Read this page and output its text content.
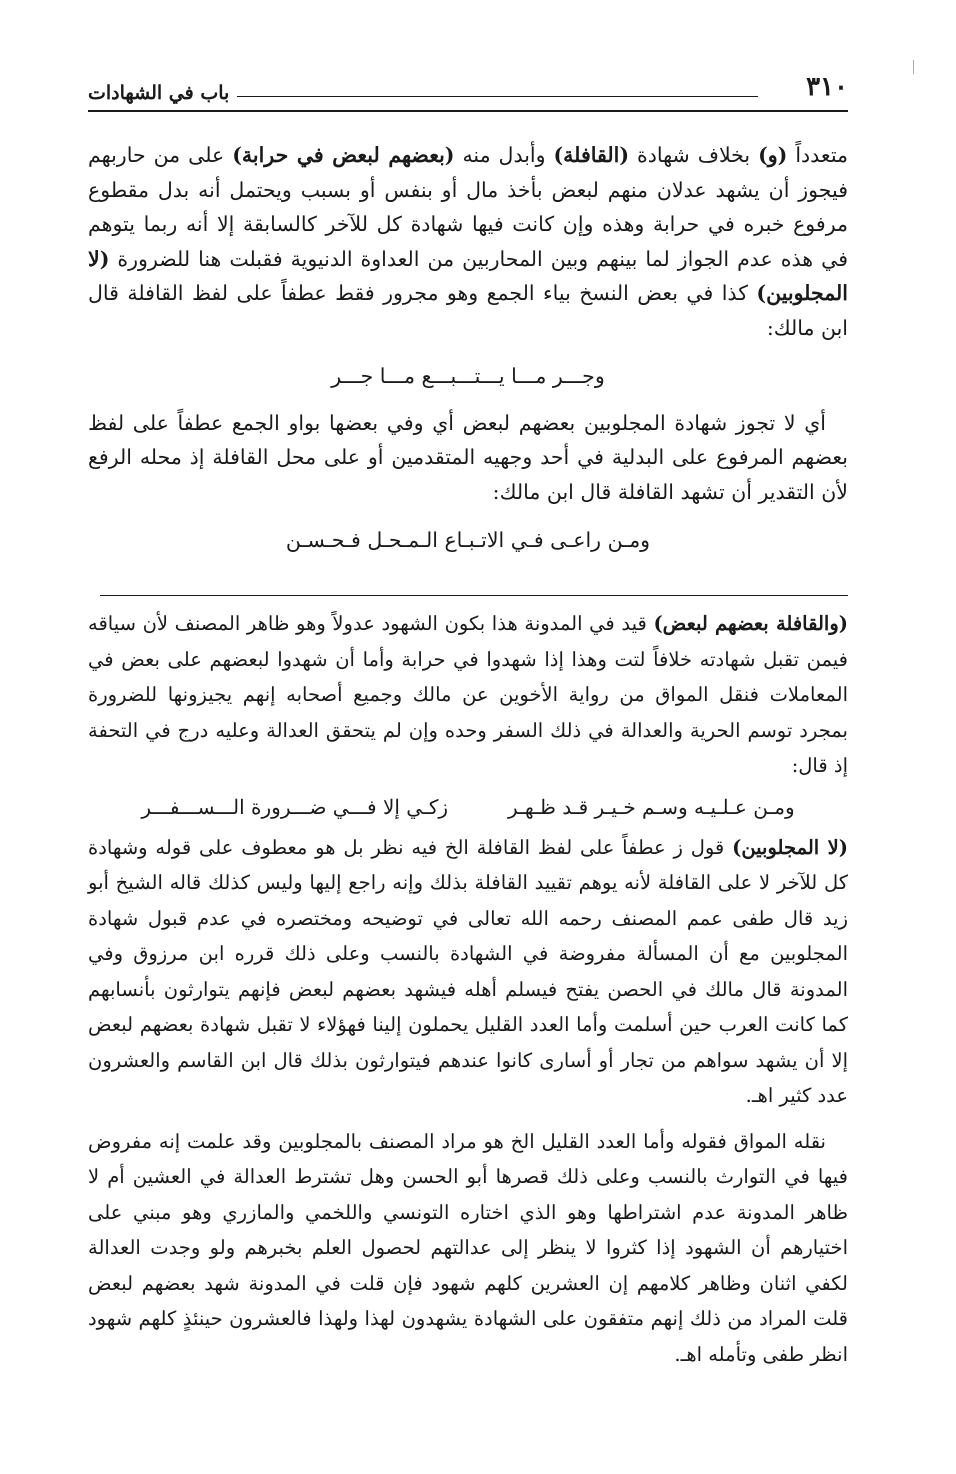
٣١٠
باب في الشهادات

متعدداً (و) بخلاف شهادة (القافلة) وأبدل منه (بعضهم لبعض في حرابة) على من حاربهم فيجوز أن يشهد عدلان منهم لبعض بأخذ مال أو بنفس أو بسبب ويحتمل أنه بدل مقطوع مرفوع خبره في حرابة وهذه وإن كانت فيها شهادة كل للآخر كالسابقة إلا أنه ربما يتوهم في هذه عدم الجواز لما بينهم وبين المحاربين من العداوة الدنيوية فقبلت هنا للضرورة (لا المجلوبين) كذا في بعض النسخ بياء الجمع وهو مجرور فقط عطفاً على لفظ القافلة قال ابن مالك:

وجـــر مـــا يـــتـــبـــع مـــا جـــر

أي لا تجوز شهادة المجلوبين بعضهم لبعض أي وفي بعضها بواو الجمع عطفاً على لفظ بعضهم المرفوع على البدلية في أحد وجهيه المتقدمين أو على محل القافلة إذ محله الرفع لأن التقدير أن تشهد القافلة قال ابن مالك:

ومـن راعـى فـي الاتـبـاع الـمـحـل فـحـسـن

(والقافلة بعضهم لبعض) قيد في المدونة هذا بكون الشهود عدولاً وهو ظاهر المصنف لأن سياقه فيمن تقبل شهادته خلافاً لتت وهذا إذا شهدوا في حرابة وأما أن شهدوا لبعضهم على بعض في المعاملات فنقل المواق من رواية الأخوين عن مالك وجميع أصحابه إنهم يجيزونها للضرورة بمجرد توسم الحرية والعدالة في ذلك السفر وحده وإن لم يتحقق العدالة وعليه درج في التحفة إذ قال:

ومـن عـلـيـه وسـم خـيـر قـد ظـهـر
زكـي إلا فـــي ضـــرورة الـــســـفـــر

(لا المجلوبين) قول ز عطفاً على لفظ القافلة الخ فيه نظر بل هو معطوف على قوله وشهادة كل للآخر لا على القافلة لأنه يوهم تقييد القافلة بذلك وإنه راجع إليها وليس كذلك قاله الشيخ أبو زيد قال طفى عمم المصنف رحمه الله تعالى في توضيحه ومختصره في عدم قبول شهادة المجلوبين مع أن المسألة مفروضة في الشهادة بالنسب وعلى ذلك قرره ابن مرزوق وفي المدونة قال مالك في الحصن يفتح فيسلم أهله فيشهد بعضهم لبعض فإنهم يتوارثون بأنسابهم كما كانت العرب حين أسلمت وأما العدد القليل يحملون إلينا فهؤلاء لا تقبل شهادة بعضهم لبعض إلا أن يشهد سواهم من تجار أو أسارى كانوا عندهم فيتوارثون بذلك قال ابن القاسم والعشرون عدد كثير اهـ.

نقله المواق فقوله وأما العدد القليل الخ هو مراد المصنف بالمجلوبين وقد علمت إنه مفروض فيها في التوارث بالنسب وعلى ذلك قصرها أبو الحسن وهل تشترط العدالة في العشين أم لا ظاهر المدونة عدم اشتراطها وهو الذي اختاره التونسي واللخمي والمازري وهو مبني على اختيارهم أن الشهود إذا كثروا لا ينظر إلى عدالتهم لحصول العلم بخبرهم ولو وجدت العدالة لكفي اثنان وظاهر كلامهم إن العشرين كلهم شهود فإن قلت في المدونة شهد بعضهم لبعض قلت المراد من ذلك إنهم متفقون على الشهادة يشهدون لهذا ولهذا فالعشرون حينئذٍ كلهم شهود انظر طفى وتأمله اهـ.
